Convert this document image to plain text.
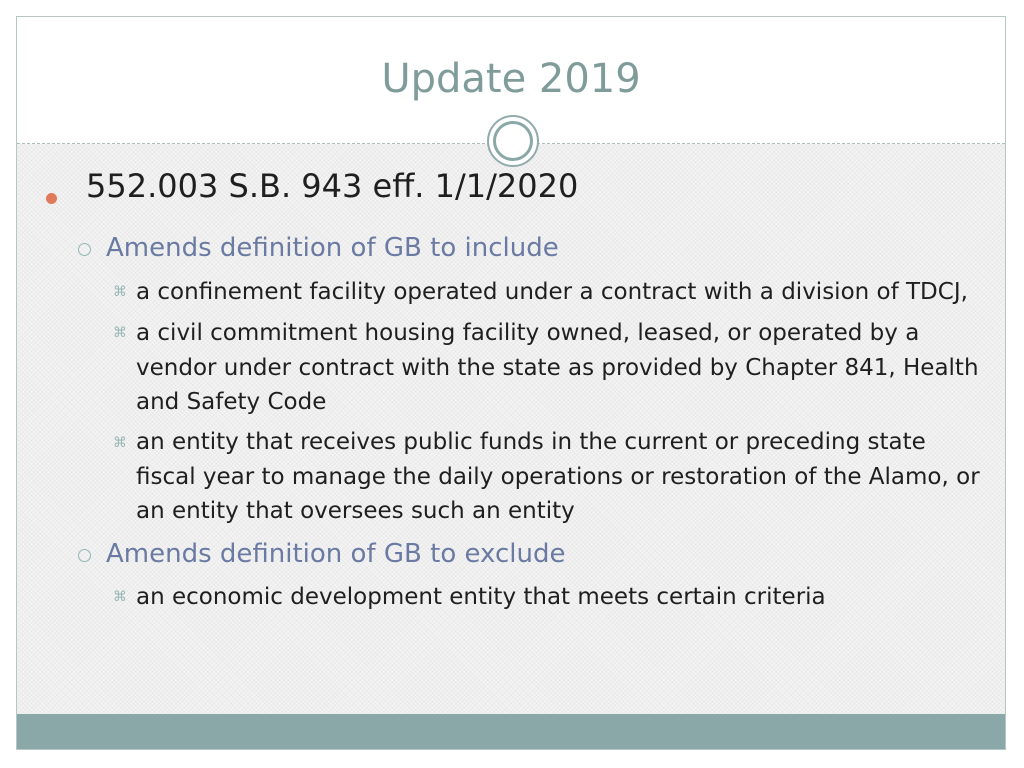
Update 2019
552.003 S.B. 943 eff. 1/1/2020
Amends definition of GB to include
⌘ a confinement facility operated under a contract with a division of TDCJ,
⌘ a civil commitment housing facility owned, leased, or operated by a vendor under contract with the state as provided by Chapter 841, Health and Safety Code
⌘ an entity that receives public funds in the current or preceding state fiscal year to manage the daily operations or restoration of the Alamo, or an entity that oversees such an entity
Amends definition of GB to exclude
⌘ an economic development entity that meets certain criteria
